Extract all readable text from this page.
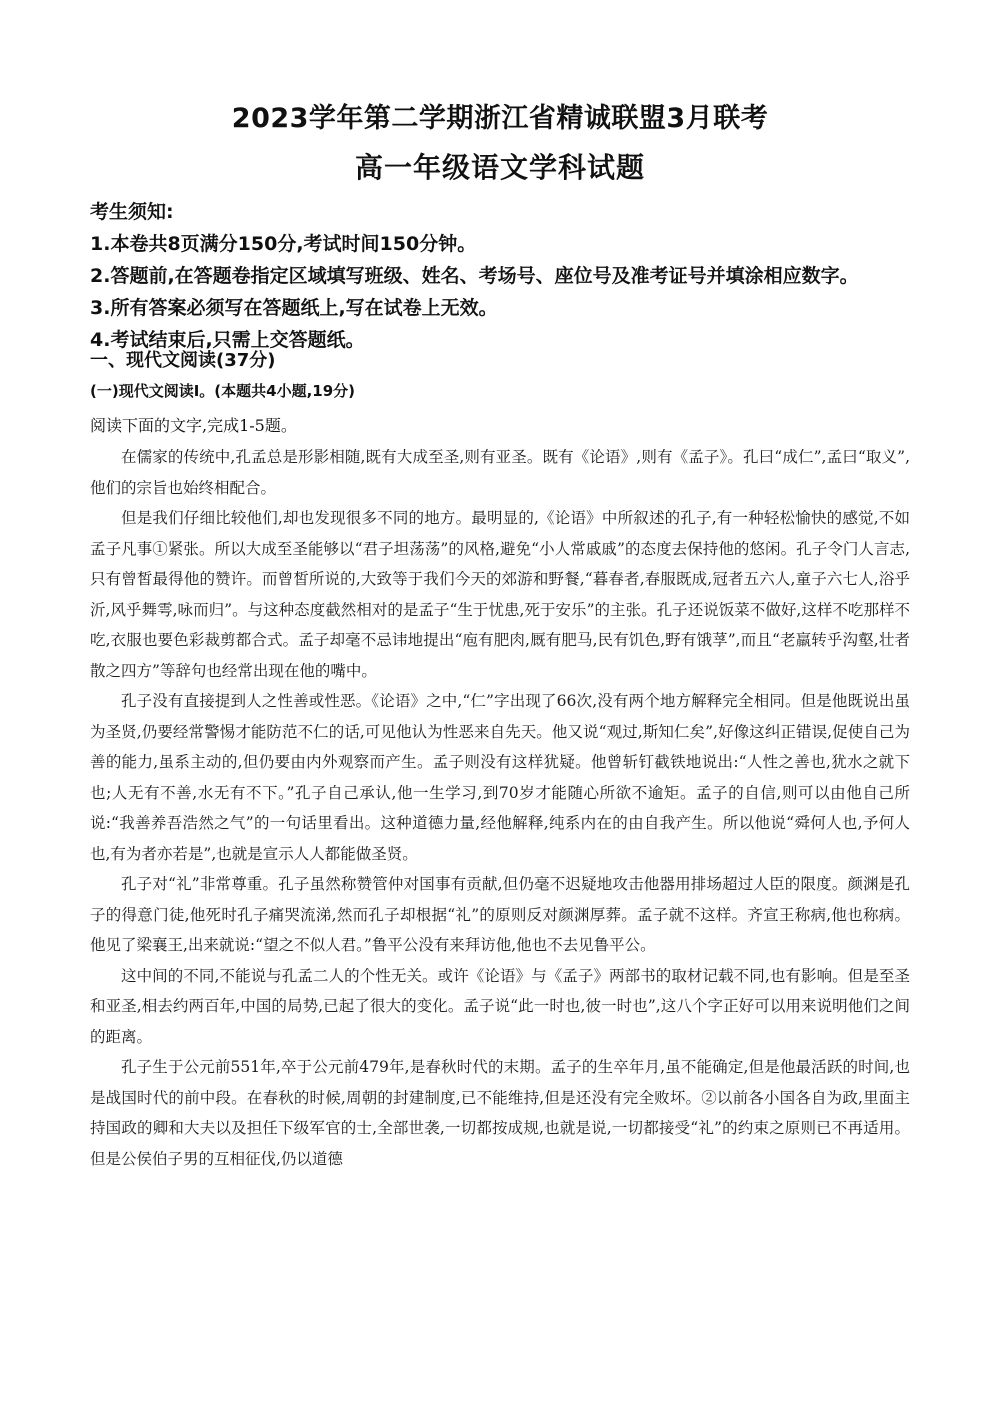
2023学年第二学期浙江省精诚联盟3月联考
高一年级语文学科试题
考生须知:
1.本卷共8页满分150分,考试时间150分钟。
2.答题前,在答题卷指定区域填写班级、姓名、考场号、座位号及准考证号并填涂相应数字。
3.所有答案必须写在答题纸上,写在试卷上无效。
4.考试结束后,只需上交答题纸。
一、现代文阅读(37分)
(一)现代文阅读I。(本题共4小题,19分)
阅读下面的文字,完成1-5题。

在儒家的传统中,孔孟总是形影相随,既有大成至圣,则有亚圣。既有《论语》,则有《孟子》。孔曰“成仁”,孟曰“取义”,他们的宗旨也始终相配合。

但是我们仔细比较他们,却也发现很多不同的地方。最明显的,《论语》中所叙述的孔子,有一种轻松愉快的感觉,不如孟子凡事①紧张。所以大成至圣能够以“君子坦荡荡”的风格,避免“小人常戚戚”的态度去保持他的悠闲。孔子令门人言志,只有曾皙最得他的赞许。而曾皙所说的,大致等于我们今天的郊游和野餐,“暮春者,春服既成,冠者五六人,童子六七人,浴乎沂,风乎舞雩,咏而归”。与这种态度截然相对的是孟子“生于忧患,死于安乐”的主张。孔子还说饭菜不做好,这样不吃那样不吃,衣服也要色彩裁剪都合式。孟子却毫不忌讳地提出“庖有肥肉,厩有肥马,民有饥色,野有饿莩”,而且“老羸转乎沟壑,壮者散之四方”等辞句也经常出现在他的嘴中。

孔子没有直接提到人之性善或性恶。《论语》之中,“仁”字出现了66次,没有两个地方解释完全相同。但是他既说出虽为圣贤,仍要经常警惕才能防范不仁的话,可见他认为性恶来自先天。他又说“观过,斯知仁矣”,好像这纠正错误,促使自己为善的能力,虽系主动的,但仍要由内外观察而产生。孟子则没有这样犹疑。他曾斩钉截铁地说出:“人性之善也,犹水之就下也;人无有不善,水无有不下。”孔子自己承认,他一生学习,到70岁才能随心所欲不逾矩。孟子的自信,则可以由他自己所说:“我善养吾浩然之气”的一句话里看出。这种道德力量,经他解释,纯系内在的由自我产生。所以他说“舜何人也,予何人也,有为者亦若是”,也就是宣示人人都能做圣贤。

孔子对“礼”非常尊重。孔子虽然称赞管仲对国事有贡献,但仍毫不迟疑地攻击他器用排场超过人臣的限度。颜渊是孔子的得意门徒,他死时孔子痛哭流涕,然而孔子却根据“礼”的原则反对颜渊厚葬。孟子就不这样。齐宣王称病,他也称病。他见了梁襄王,出来就说:“望之不似人君。”鲁平公没有来拜访他,他也不去见鲁平公。

这中间的不同,不能说与孔孟二人的个性无关。或许《论语》与《孟子》两部书的取材记载不同,也有影响。但是至圣和亚圣,相去约两百年,中国的局势,已起了很大的变化。孟子说“此一时也,彼一时也”,这八个字正好可以用来说明他们之间的距离。

孔子生于公元前551年,卒于公元前479年,是春秋时代的末期。孟子的生卒年月,虽不能确定,但是他最活跃的时间,也是战国时代的前中段。在春秋的时候,周朝的封建制度,已不能维持,但是还没有完全败坏。②以前各小国各自为政,里面主持国政的卿和大夫以及担任下级军官的士,全部世袭,一切都按成规,也就是说,一切都接受“礼”的约束之原则已不再适用。但是公侯伯子男的互相征伐,仍以道德
